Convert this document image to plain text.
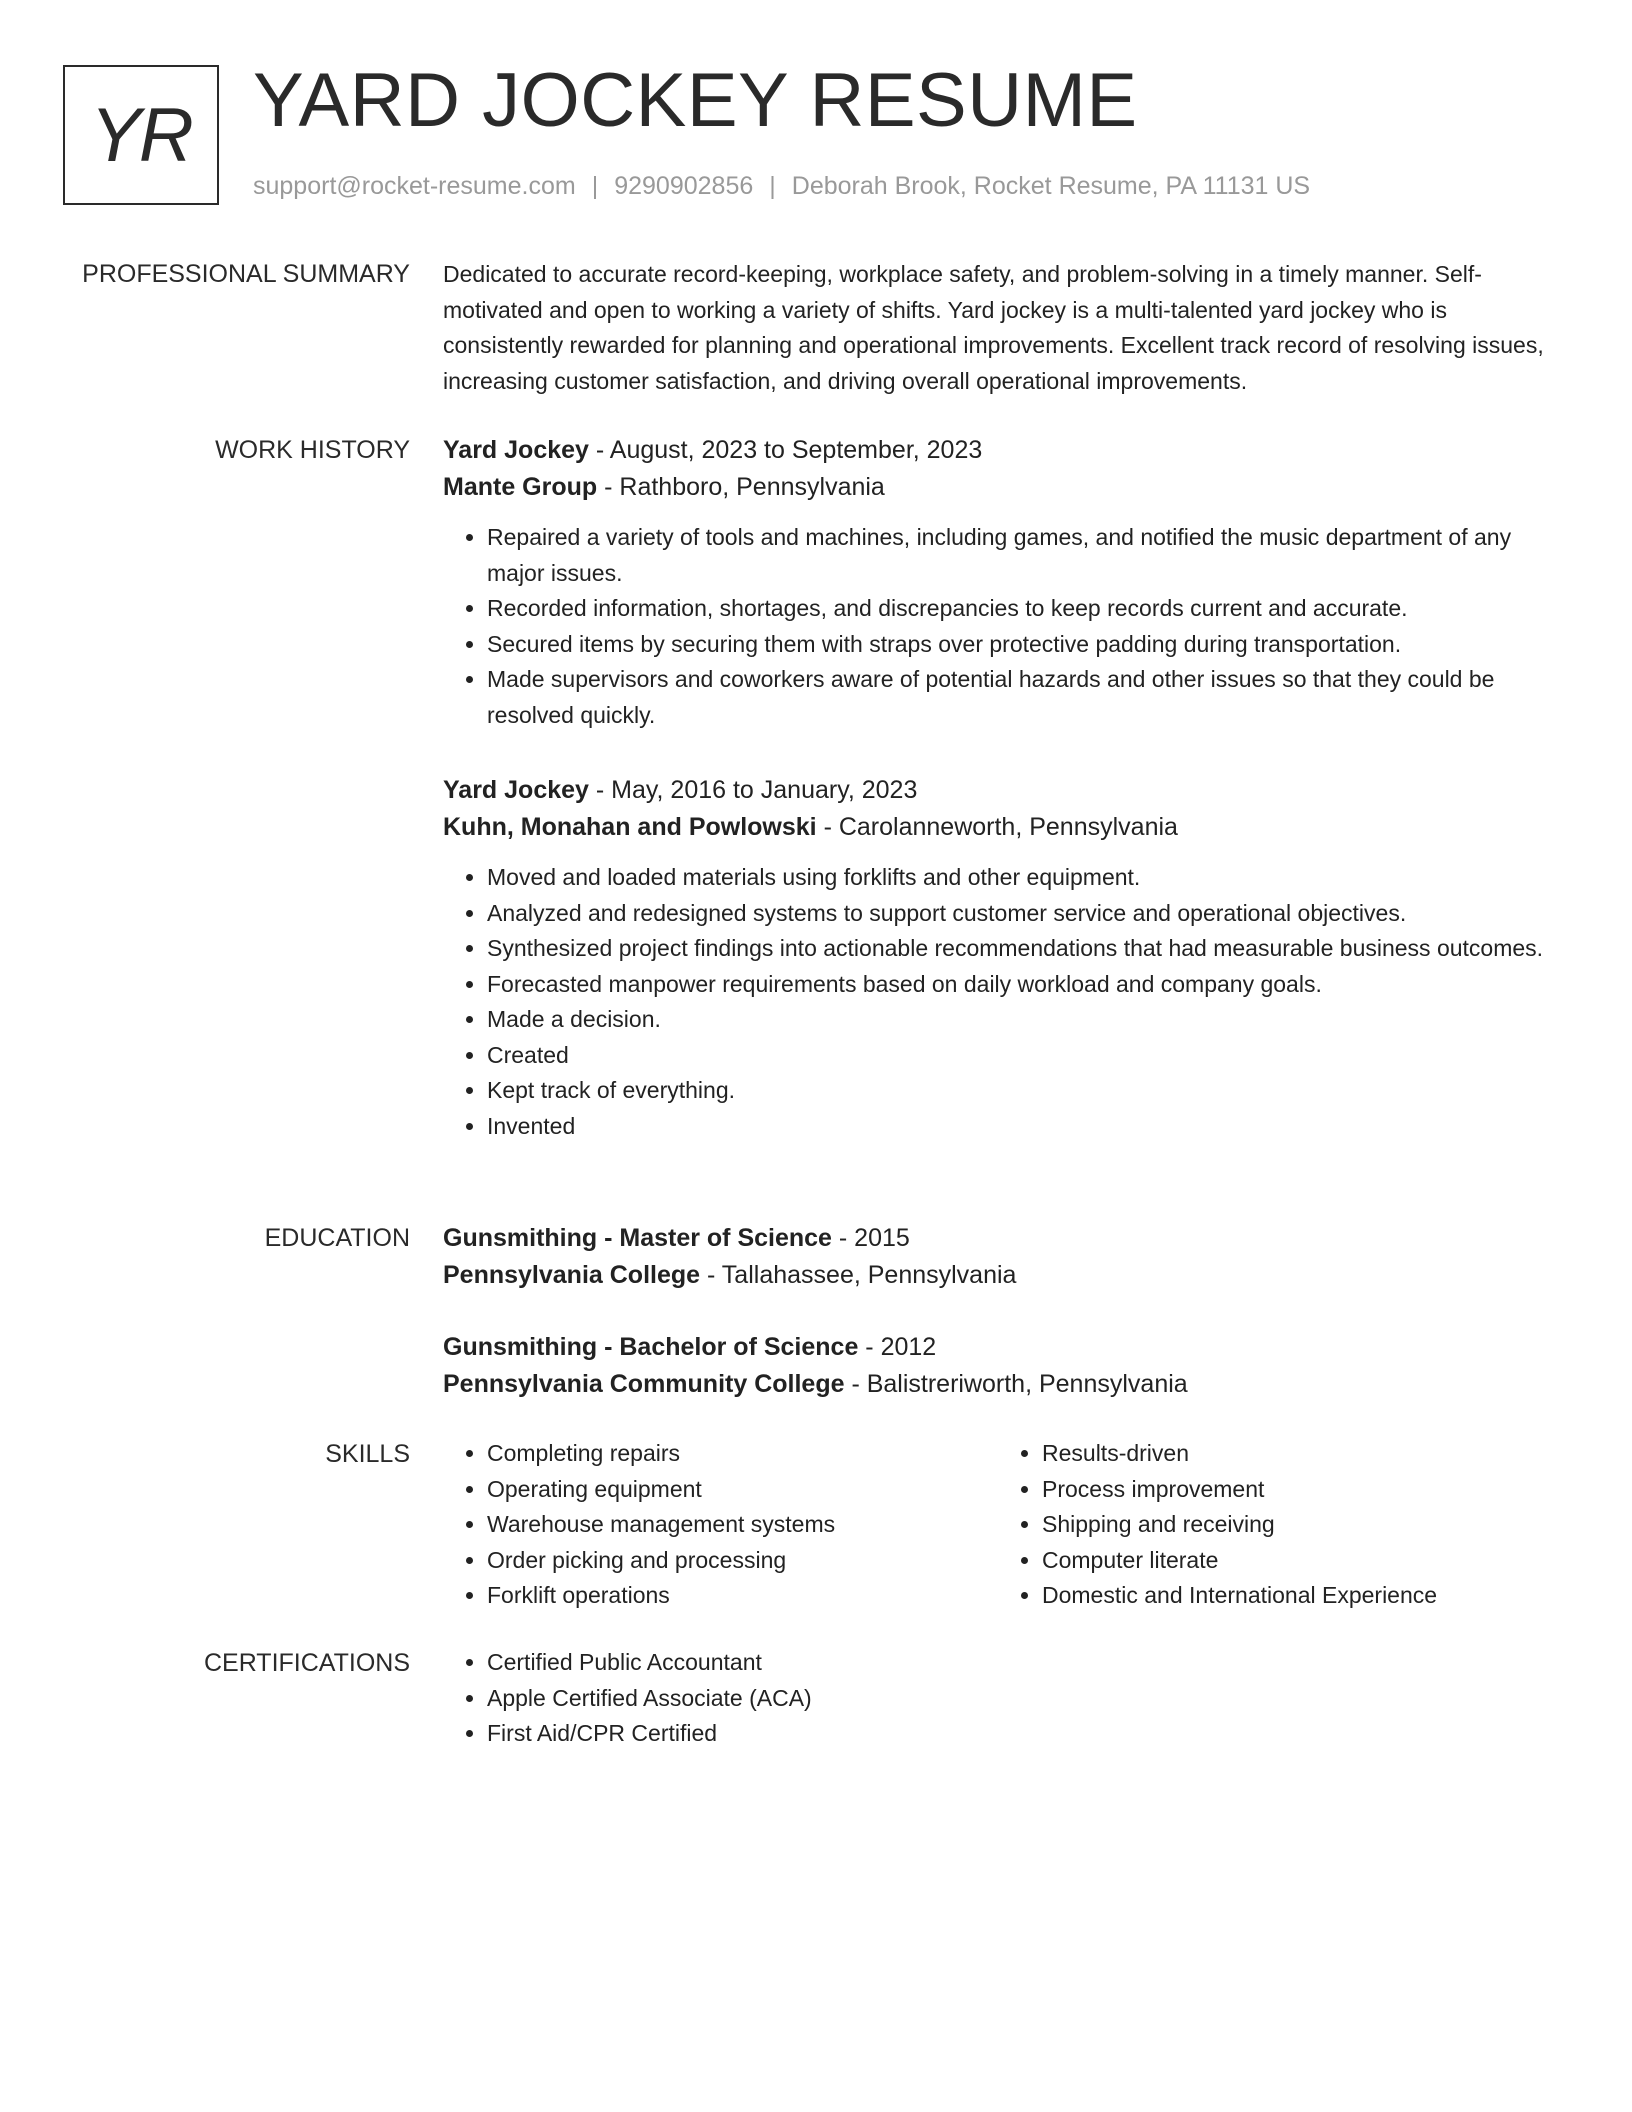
YR YARD JOCKEY RESUME
support@rocket-resume.com | 9290902856 | Deborah Brook, Rocket Resume, PA 11131 US
PROFESSIONAL SUMMARY Dedicated to accurate record-keeping, workplace safety, and problem-solving in a timely manner. Self-motivated and open to working a variety of shifts. Yard jockey is a multi-talented yard jockey who is consistently rewarded for planning and operational improvements. Excellent track record of resolving issues, increasing customer satisfaction, and driving overall operational improvements.

WORK HISTORY Yard Jockey - August, 2023 to September, 2023
Mante Group - Rathboro, Pennsylvania
• Repaired a variety of tools and machines, including games, and notified the music department of any major issues.
• Recorded information, shortages, and discrepancies to keep records current and accurate.
• Secured items by securing them with straps over protective padding during transportation.
• Made supervisors and coworkers aware of potential hazards and other issues so that they could be resolved quickly.
Yard Jockey - May, 2016 to January, 2023
Kuhn, Monahan and Powlowski - Carolanneworth, Pennsylvania
• Moved and loaded materials using forklifts and other equipment.
• Analyzed and redesigned systems to support customer service and operational objectives.
• Synthesized project findings into actionable recommendations that had measurable business outcomes.
• Forecasted manpower requirements based on daily workload and company goals.
• Made a decision.
• Created
• Kept track of everything.
• Invented
EDUCATION Gunsmithing - Master of Science - 2015
Pennsylvania College - Tallahassee, Pennsylvania
Gunsmithing - Bachelor of Science - 2012
Pennsylvania Community College - Balistreriworth, Pennsylvania
SKILLS	• Completing repairs
• Operating equipment
• Warehouse management systems
• Order picking and processing
• Forklift operations
• Results-driven
• Process improvement
• Shipping and receiving
• Computer literate
• Domestic and International Experience
CERTIFICATIONS	• Certified Public Accountant
• Apple Certified Associate (ACA)
• First Aid/CPR Certified
